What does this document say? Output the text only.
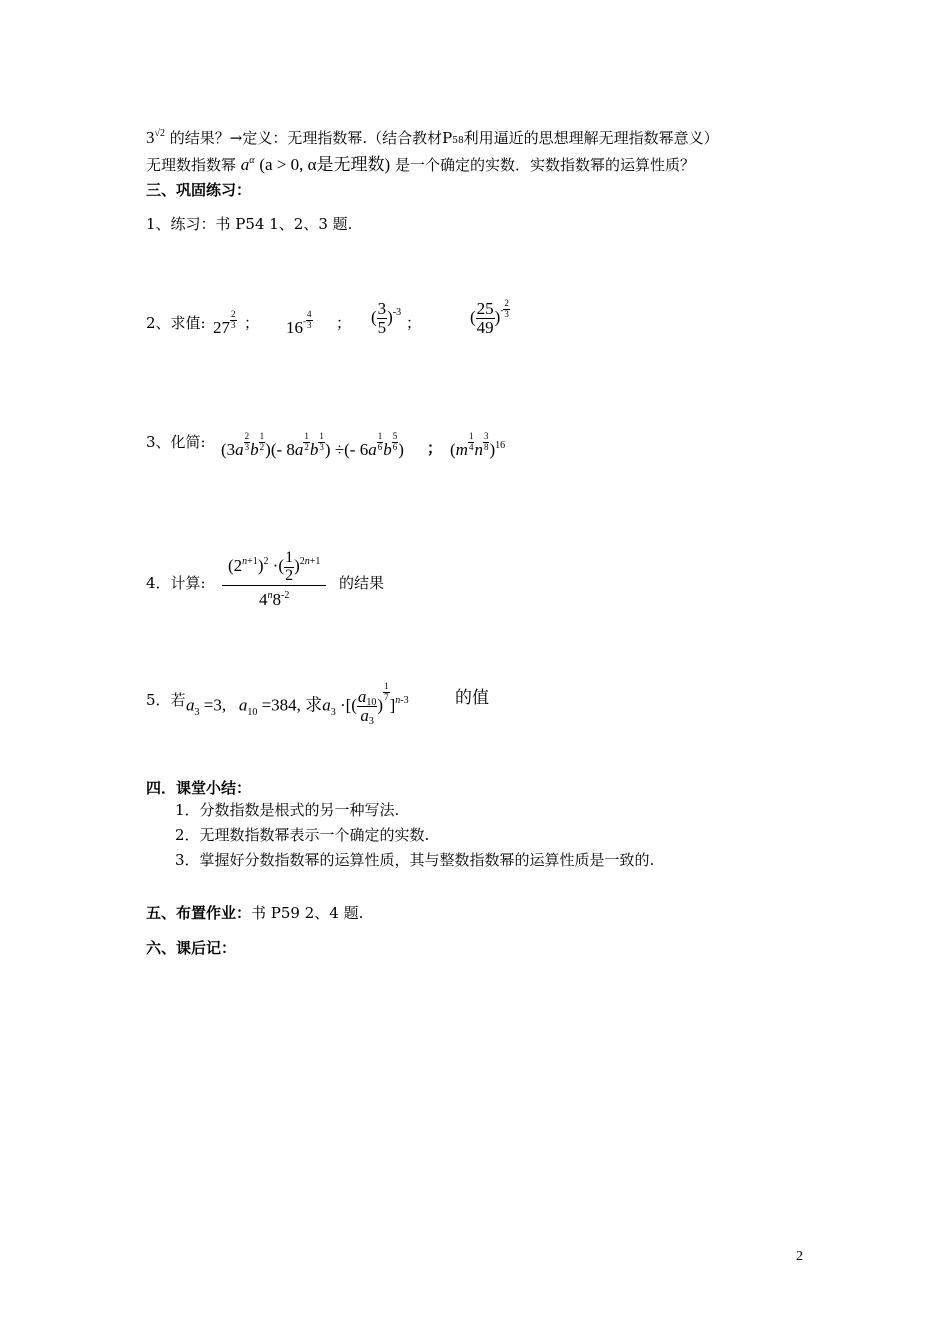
$3^{√2}$ 的结果？→定义：无理指数幂.（结合教材P58利用逼近的思想理解无理指数幂意义）
无理数指数幂 $a^\alpha$ (a > 0, α是无理数) 是一个确定的实数．实数指数幂的运算性质？
三、巩固练习：
1、练习：书 P54 1、2、3 题.
2、求值: $27 \frac{2}{3}$ ； $16- \frac{4}{3}$ ； ( $\frac{3}{5} )^{-3}$
；	( $\frac{25}{49}$ )- $\frac{2}{3}$
3、化简: ($3a \frac{2}{3}$ b $\frac{1}{2}$ )(- $8a \frac{1}{2}$ b $\frac{1}{3}$ ) ÷(- $6a \frac{1}{6}$ b $\frac{5}{6}$ ) ； ($m \frac{1}{4}$ n $\frac{3}{8} )^{16}$
4．计算: $\frac{(2^{n+1})^2 \cdot( \frac{1}{2} )^{2n+1}}{4^n8^{-2}}$ 的结果
5．若 $a_3 =3$,   $a_{10} =384$, 求$a_3$ ·[( $\frac{a10}{a3}$ )
$\frac{1}{7}$
]$^{n-3}$	的值
四．课堂小结：
1．分数指数是根式的另一种写法.
2．无理数指数幂表示一个确定的实数.
3．掌握好分数指数幂的运算性质，其与整数指数幂的运算性质是一致的.
五、布置作业：书 P59 2、4 题.
六、课后记：
2
